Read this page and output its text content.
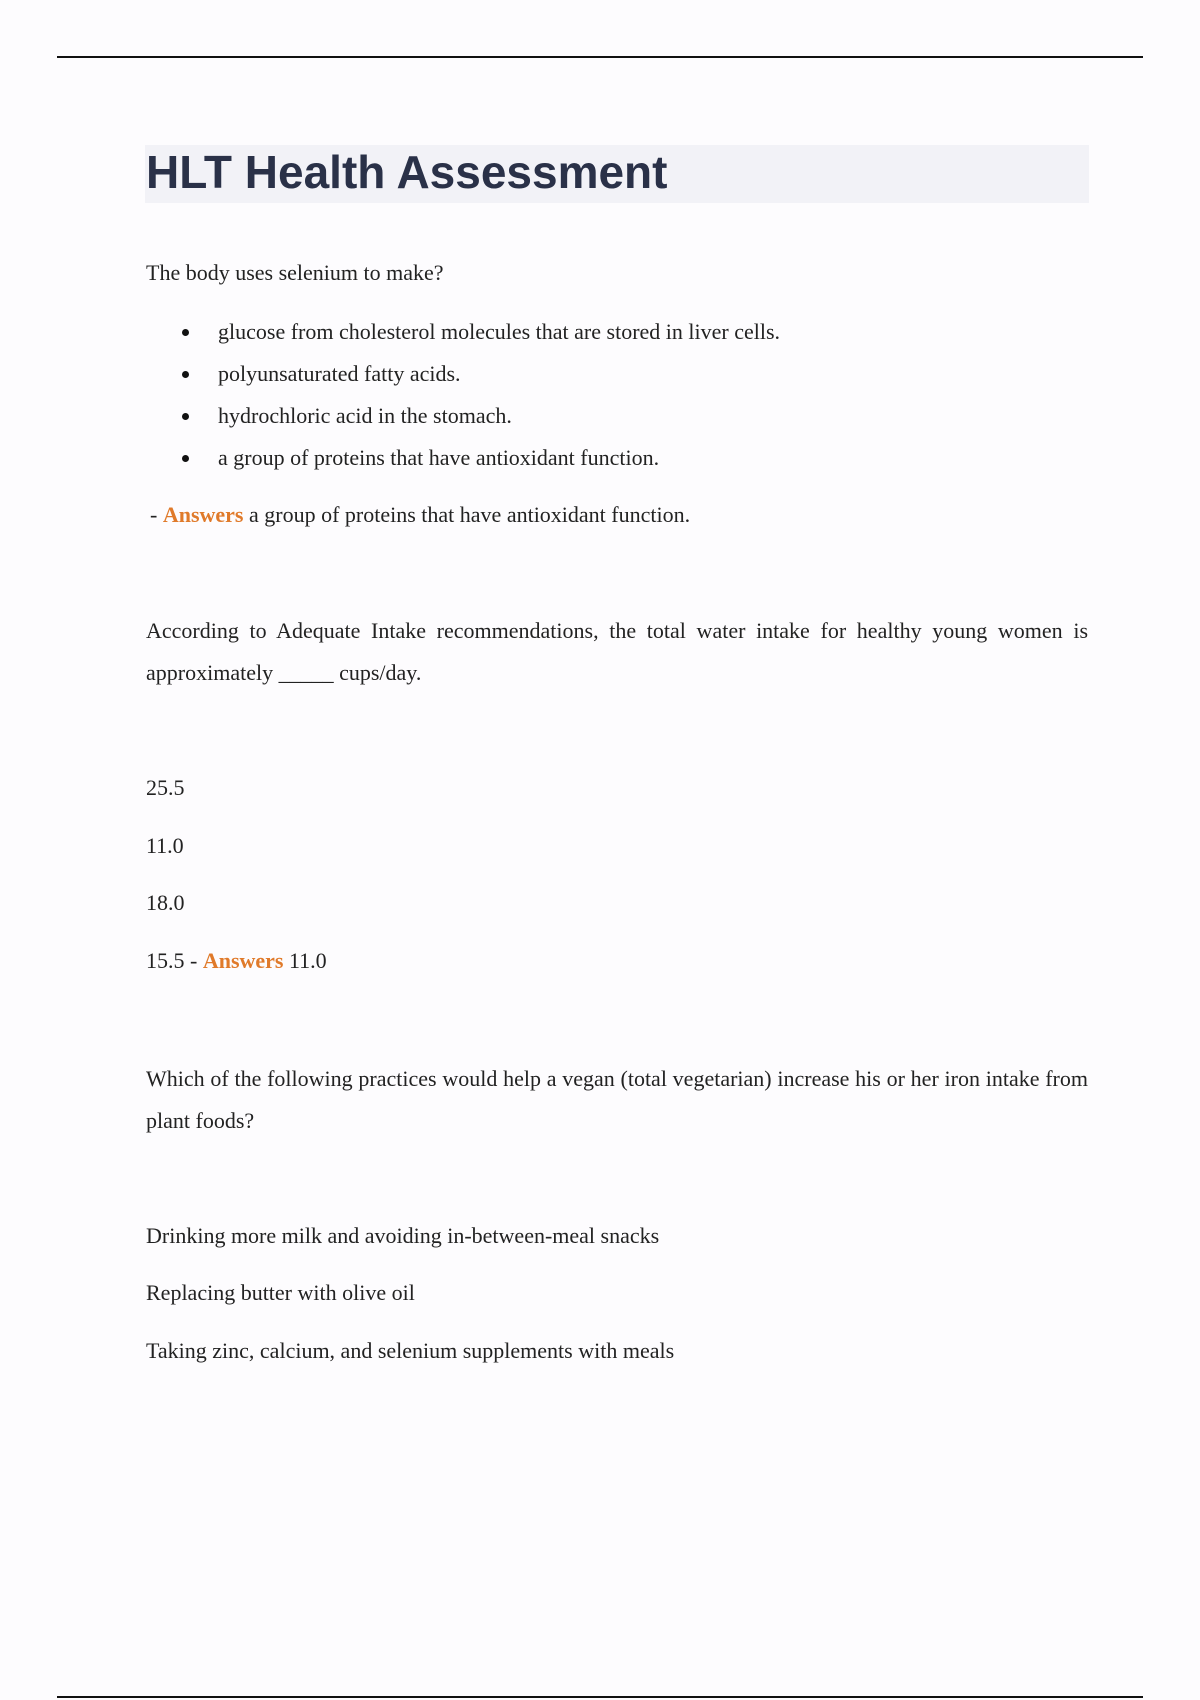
HLT Health Assessment

The body uses selenium to make?

glucose from cholesterol molecules that are stored in liver cells.
polyunsaturated fatty acids.
hydrochloric acid in the stomach.
a group of proteins that have antioxidant function.

- Answers a group of proteins that have antioxidant function.

According to Adequate Intake recommendations, the total water intake for healthy young women is approximately _____ cups/day.

25.5

11.0

18.0

15.5 - Answers 11.0

Which of the following practices would help a vegan (total vegetarian) increase his or her iron intake from plant foods?

Drinking more milk and avoiding in-between-meal snacks

Replacing butter with olive oil

Taking zinc, calcium, and selenium supplements with meals
